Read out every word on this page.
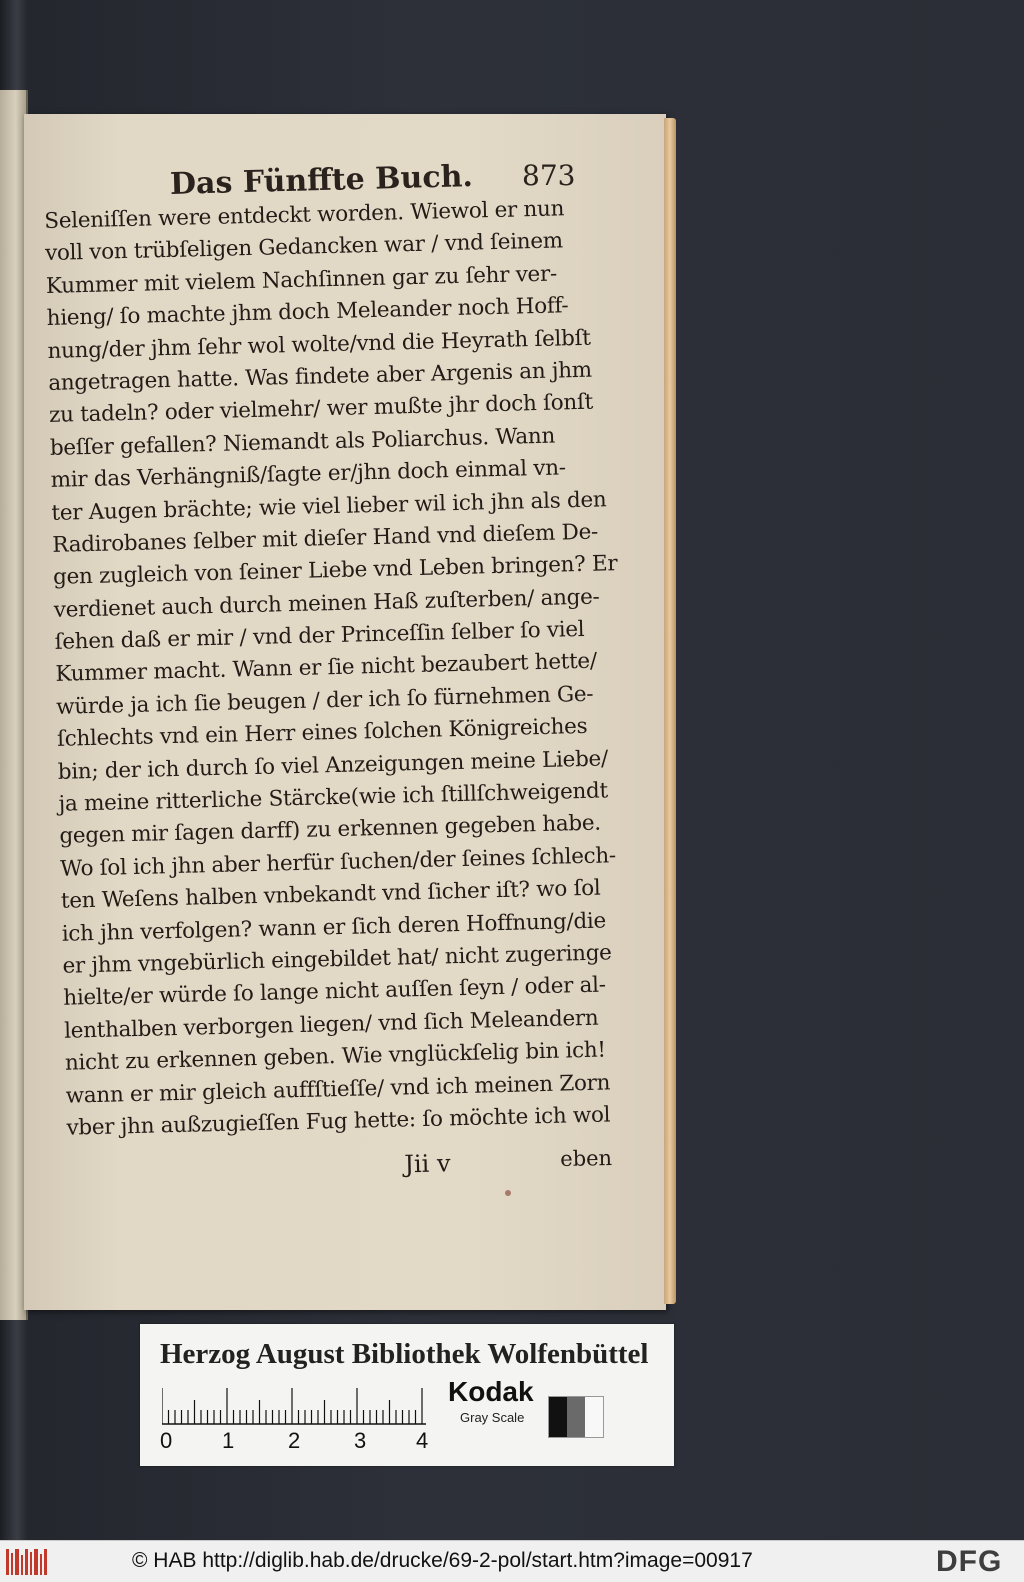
Das Fünffte Buch. 873
Seleniſſen were entdeckt worden. Wiewol er nun
voll von trübſeligen Gedancken war / vnd ſeinem
Kummer mit vielem Nachſinnen gar zu ſehr ver-
hieng/ ſo machte jhm doch Meleander noch Hoff-
nung/der jhm ſehr wol wolte/vnd die Heyrath ſelbſt
angetragen hatte. Was findete aber Argenis an jhm
zu tadeln? oder vielmehr/ wer mußte jhr doch ſonſt
beſſer gefallen? Niemandt als Poliarchus. Wann
mir das Verhängniß/ſagte er/jhn doch einmal vn-
ter Augen brächte; wie viel lieber wil ich jhn als den
Radirobanes ſelber mit dieſer Hand vnd dieſem De-
gen zugleich von ſeiner Liebe vnd Leben bringen? Er
verdienet auch durch meinen Haß zuſterben/ ange-
ſehen daß er mir / vnd der Princeſſin ſelber ſo viel
Kummer macht. Wann er ſie nicht bezaubert hette/
würde ja ich ſie beugen / der ich ſo fürnehmen Ge-
ſchlechts vnd ein Herr eines ſolchen Königreiches
bin; der ich durch ſo viel Anzeigungen meine Liebe/
ja meine ritterliche Stärcke(wie ich ſtillſchweigendt
gegen mir ſagen darff) zu erkennen gegeben habe.
Wo ſol ich jhn aber herfür ſuchen/der ſeines ſchlech-
ten Weſens halben vnbekandt vnd ſicher iſt? wo ſol
ich jhn verfolgen? wann er ſich deren Hoffnung/die
er jhm vngebürlich eingebildet hat/ nicht zugeringe
hielte/er würde ſo lange nicht auſſen ſeyn / oder al-
lenthalben verborgen liegen/ vnd ſich Meleandern
nicht zu erkennen geben. Wie vnglückſelig bin ich!
wann er mir gleich auffſtieſſe/ vnd ich meinen Zorn
vber jhn außzugieſſen Fug hette: ſo möchte ich wol
Jii v	eben
Herzog August Bibliothek Wolfenbüttel
0 1 2 3 4
Kodak
Gray Scale
© HAB http://diglib.hab.de/drucke/69-2-pol/start.htm?image=00917	DFG
